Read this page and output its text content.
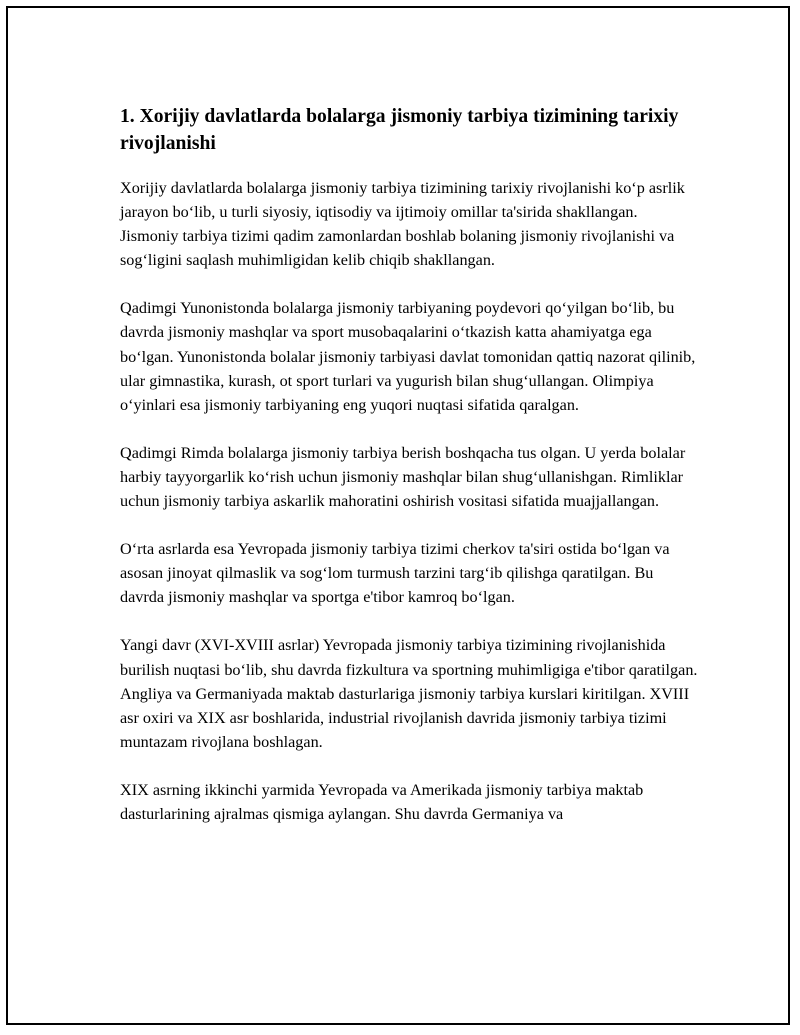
1. Xorijiy davlatlarda bolalarga jismoniy tarbiya tizimining tarixiy rivojlanishi

Xorijiy davlatlarda bolalarga jismoniy tarbiya tizimining tarixiy rivojlanishi ko‘p asrlik jarayon bo‘lib, u turli siyosiy, iqtisodiy va ijtimoiy omillar ta'sirida shakllangan. Jismoniy tarbiya tizimi qadim zamonlardan boshlab bolaning jismoniy rivojlanishi va sog‘ligini saqlash muhimligidan kelib chiqib shakllangan.

Qadimgi Yunonistonda bolalarga jismoniy tarbiyaning poydevori qo‘yilgan bo‘lib, bu davrda jismoniy mashqlar va sport musobaqalarini o‘tkazish katta ahamiyatga ega bo‘lgan. Yunonistonda bolalar jismoniy tarbiyasi davlat tomonidan qattiq nazorat qilinib, ular gimnastika, kurash, ot sport turlari va yugurish bilan shug‘ullangan. Olimpiya o‘yinlari esa jismoniy tarbiyaning eng yuqori nuqtasi sifatida qaralgan.

Qadimgi Rimda bolalarga jismoniy tarbiya berish boshqacha tus olgan. U yerda bolalar harbiy tayyorgarlik ko‘rish uchun jismoniy mashqlar bilan shug‘ullanishgan. Rimliklar uchun jismoniy tarbiya askarlik mahoratini oshirish vositasi sifatida muajjallangan.

O‘rta asrlarda esa Yevropada jismoniy tarbiya tizimi cherkov ta'siri ostida bo‘lgan va asosan jinoyat qilmaslik va sog‘lom turmush tarzini targ‘ib qilishga qaratilgan. Bu davrda jismoniy mashqlar va sportga e'tibor kamroq bo‘lgan.

Yangi davr (XVI-XVIII asrlar) Yevropada jismoniy tarbiya tizimining rivojlanishida burilish nuqtasi bo‘lib, shu davrda fizkultura va sportning muhimligiga e'tibor qaratilgan. Angliya va Germaniyada maktab dasturlariga jismoniy tarbiya kurslari kiritilgan. XVIII asr oxiri va XIX asr boshlarida, industrial rivojlanish davrida jismoniy tarbiya tizimi muntazam rivojlana boshlagan.

XIX asrning ikkinchi yarmida Yevropada va Amerikada jismoniy tarbiya maktab dasturlarining ajralmas qismiga aylangan. Shu davrda Germaniya va
